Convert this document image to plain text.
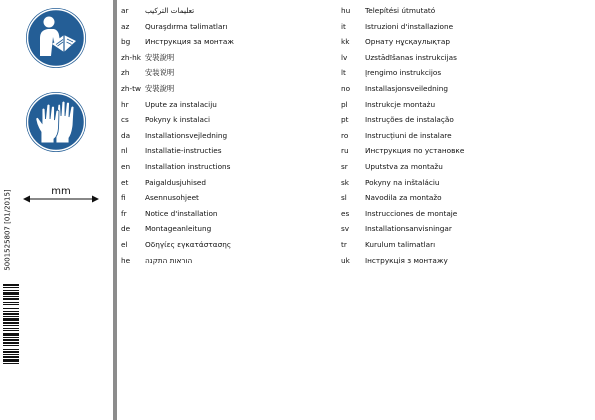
mm
5001525807 [01/2015]
ar تعليمات التركيب
az Quraşdırma təlimatları
bg Инструкция за монтаж
zh-hk 安裝說明
zh 安装说明
zh-tw 安裝說明
hr Upute za instalaciju
cs Pokyny k instalaci
da Installationsvejledning
nl Installatie-instructies
en Installation instructions
et Paigaldusjuhised
fi	Asennusohjeet
fr	Notice d'installation
de Montageanleitung
el Οδηγίες εγκατάστασης
he הוראות התקנה
hu Telepítési útmutató
it	Istruzioni d'installazione
kk Орнату нұсқаулықтар
lv Uzstādīšanas instrukcijas
lt	Įrengimo instrukcijos
no Installasjonsveiledning
pl Instrukcje montażu
pt Instruções de instalação
ro Instrucțiuni de instalare
ru Инструкция по установке
sr Uputstva za montažu
sk Pokyny na inštaláciu
sl Navodila za montažo
es Instrucciones de montaje
sv Installationsanvisningar
tr Kurulum talimatları
uk Інструкція з монтажу
